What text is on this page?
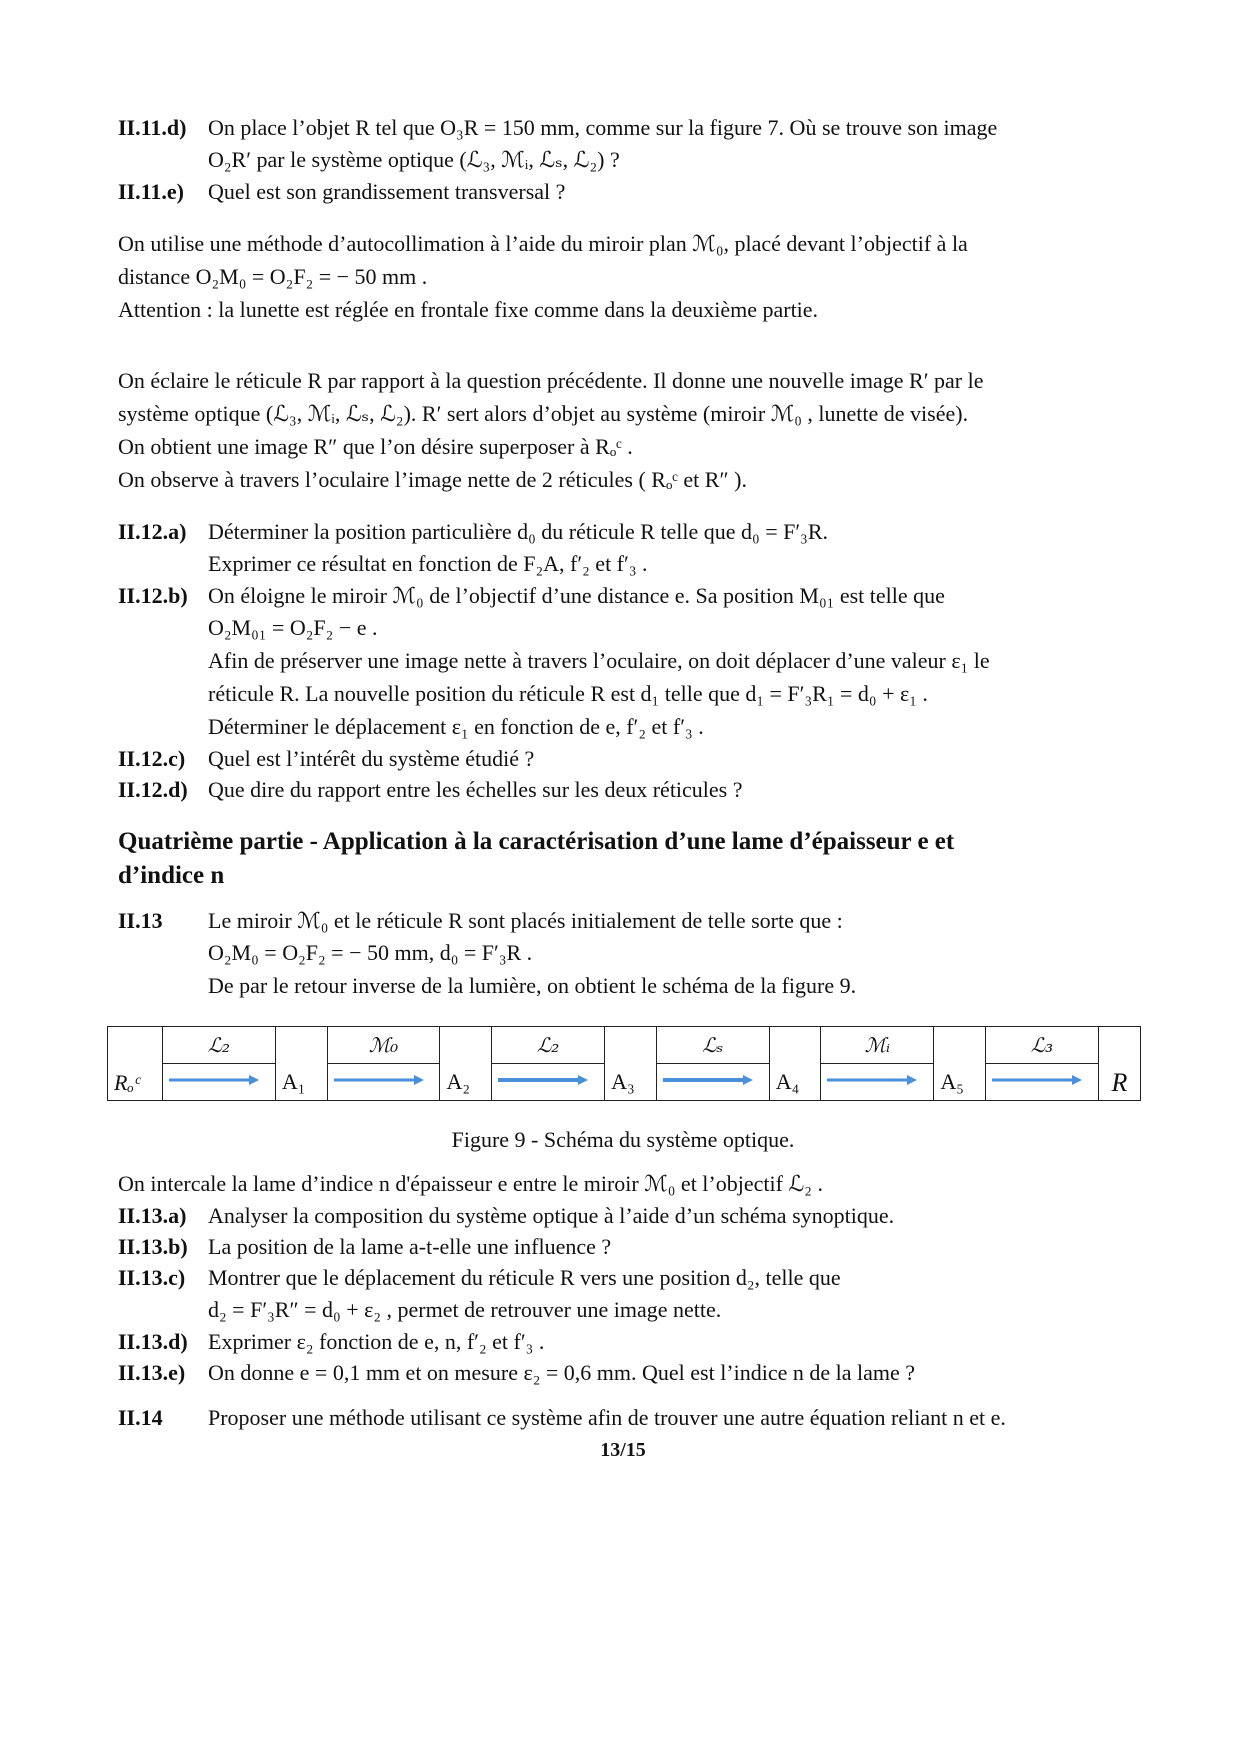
II.11.d) On place l’objet R tel que O₃R = 150 mm, comme sur la figure 7. Où se trouve son image
O₂R′ par le système optique (ℒ₃, ℳᵢ, ℒₛ, ℒ₂) ?
II.11.e)	Quel est son grandissement transversal ?
On utilise une méthode d’autocollimation à l’aide du miroir plan ℳ₀, placé devant l’objectif à la
distance O₂M₀ = O₂F₂ = − 50 mm .
Attention : la lunette est réglée en frontale fixe comme dans la deuxième partie.
On éclaire le réticule R par rapport à la question précédente. Il donne une nouvelle image R′ par le
système optique (ℒ₃, ℳᵢ, ℒₛ, ℒ₂). R′ sert alors d’objet au système (miroir ℳ₀ , lunette de visée).
On obtient une image R″ que l’on désire superposer à Rₒᶜ .
On observe à travers l’oculaire l’image nette de 2 réticules ( Rₒᶜ et R″ ).
II.12.a) Déterminer la position particulière d₀ du réticule R telle que d₀ = F′₃R.
Exprimer ce résultat en fonction de F₂A, f′₂ et f′₃ .
II.12.b) On éloigne le miroir ℳ₀ de l’objectif d’une distance e. Sa position M₀₁ est telle que
O₂M₀₁ = O₂F₂ − e .
Afin de préserver une image nette à travers l’oculaire, on doit déplacer d’une valeur ε₁ le
réticule R. La nouvelle position du réticule R est d₁ telle que d₁ = F′₃R₁ = d₀ + ε₁ .
Déterminer le déplacement ε₁ en fonction de e, f′₂ et f′₃ .
II.12.c)	Quel est l’intérêt du système étudié ?
II.12.d) Que dire du rapport entre les échelles sur les deux réticules ?
Quatrième partie - Application à la caractérisation d’une lame d’épaisseur e et
d’indice n
II.13	Le miroir ℳ₀ et le réticule R sont placés initialement de telle sorte que :
O₂M₀ = O₂F₂ = − 50 mm, d₀ = F′₃R .
De par le retour inverse de la lumière, on obtient le schéma de la figure 9.
Rₒᶜ	ℒ₂		ℳ₀		ℒ₂		ℒₛ		ℳᵢ		ℒ₃	R
	A₁		A₂		A₃		A₄		A₅	
Figure 9 - Schéma du système optique.
On intercale la lame d’indice n d'épaisseur e entre le miroir ℳ₀ et l’objectif ℒ₂ .
II.13.a) Analyser la composition du système optique à l’aide d’un schéma synoptique.
II.13.b) La position de la lame a-t-elle une influence ?
II.13.c)	Montrer que le déplacement du réticule R vers une position d₂, telle que
d₂ = F′₃R″ = d₀ + ε₂ , permet de retrouver une image nette.
II.13.d) Exprimer ε₂ fonction de e, n, f′₂ et f′₃ .
II.13.e)	On donne e = 0,1 mm et on mesure ε₂ = 0,6 mm. Quel est l’indice n de la lame ?
II.14	Proposer une méthode utilisant ce système afin de trouver une autre équation reliant n et e.
13/15
